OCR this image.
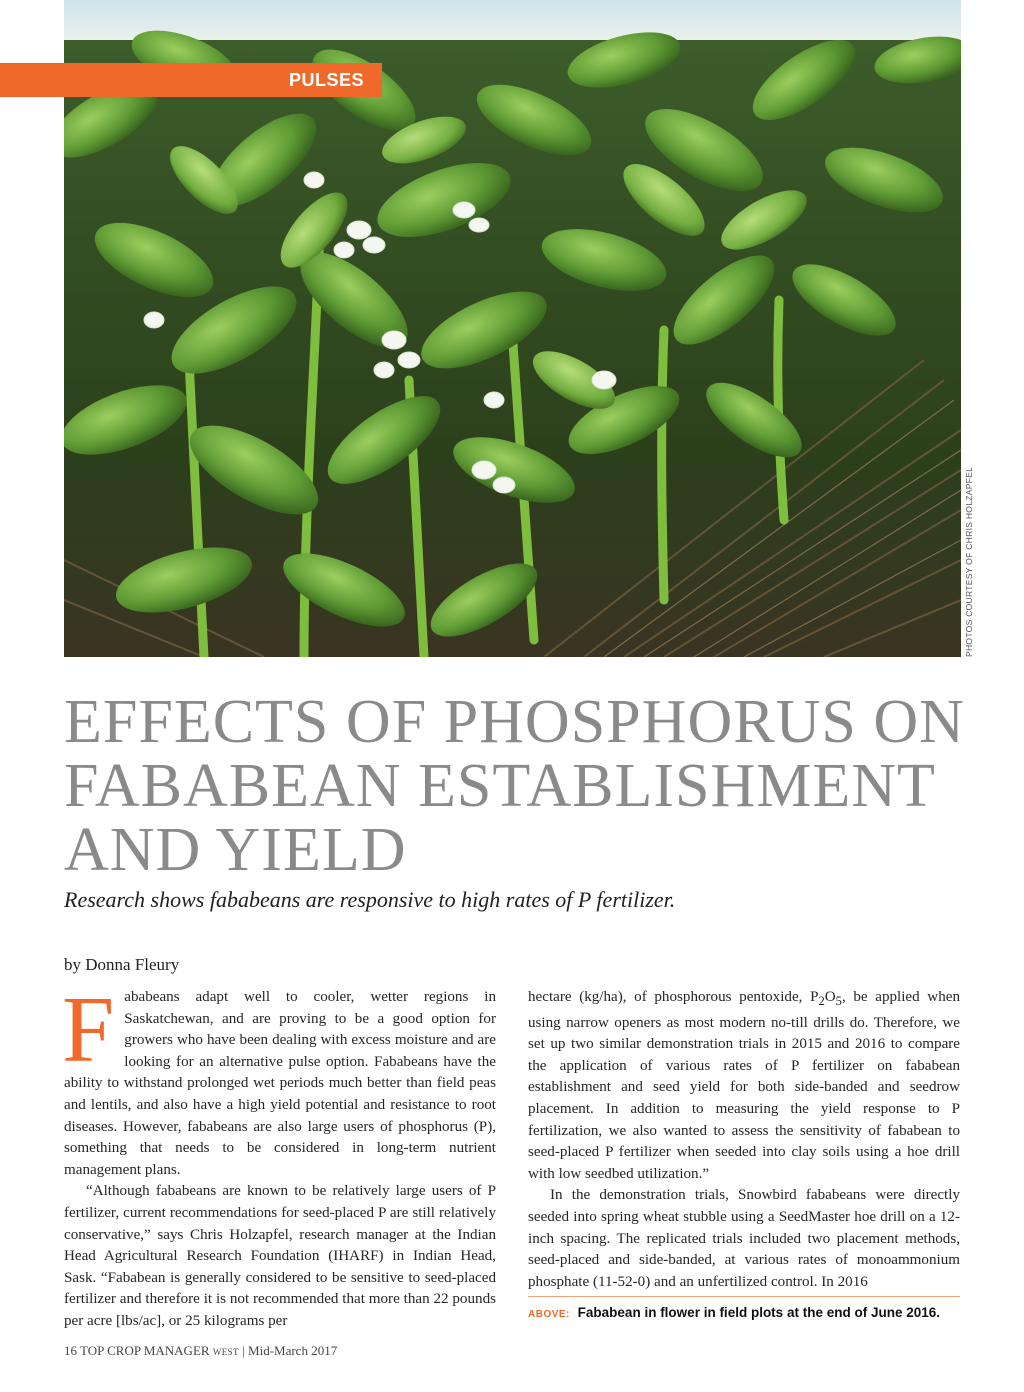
PHOTOS COURTESY OF CHRIS HOLZAPFEL
PULSES
EFFECTS OF PHOSPHORUS ON
FABABEAN ESTABLISHMENT
AND YIELD

Research shows fababeans are responsive to high rates of P fertilizer.

by Donna Fleury

Fababeans adapt well to cooler, wetter regions in Saskatchewan, and are proving to be a good option for growers who have been dealing with excess moisture and are looking for an alternative pulse option. Fababeans have the ability to withstand prolonged wet periods much better than field peas and lentils, and also have a high yield potential and resistance to root diseases. However, fababeans are also large users of phosphorus (P), something that needs to be considered in long-term nutrient management plans.

“Although fababeans are known to be relatively large users of P fertilizer, current recommendations for seed-placed P are still relatively conservative,” says Chris Holzapfel, research manager at the Indian Head Agricultural Research Foundation (IHARF) in Indian Head, Sask. “Fababean is generally considered to be sensitive to seed-placed fertilizer and therefore it is not recommended that more than 22 pounds per acre [lbs/ac], or 25 kilograms per

hectare (kg/ha), of phosphorous pentoxide, $P_2O_5$, be applied when using narrow openers as most modern no-till drills do. Therefore, we set up two similar demonstration trials in 2015 and 2016 to compare the application of various rates of P fertilizer on fababean establishment and seed yield for both side-banded and seedrow placement. In addition to measuring the yield response to P fertilization, we also wanted to assess the sensitivity of fababean to seed-placed P fertilizer when seeded into clay soils using a hoe drill with low seedbed utilization.”

In the demonstration trials, Snowbird fababeans were directly seeded into spring wheat stubble using a SeedMaster hoe drill on a 12-inch spacing. The replicated trials included two placement methods, seed-placed and side-banded, at various rates of monoammonium phosphate (11-52-0) and an unfertilized control. In 2016

ABOVE: Fababean in flower in field plots at the end of June 2016.
16 TOP CROP MANAGER WEST | Mid-March 2017
